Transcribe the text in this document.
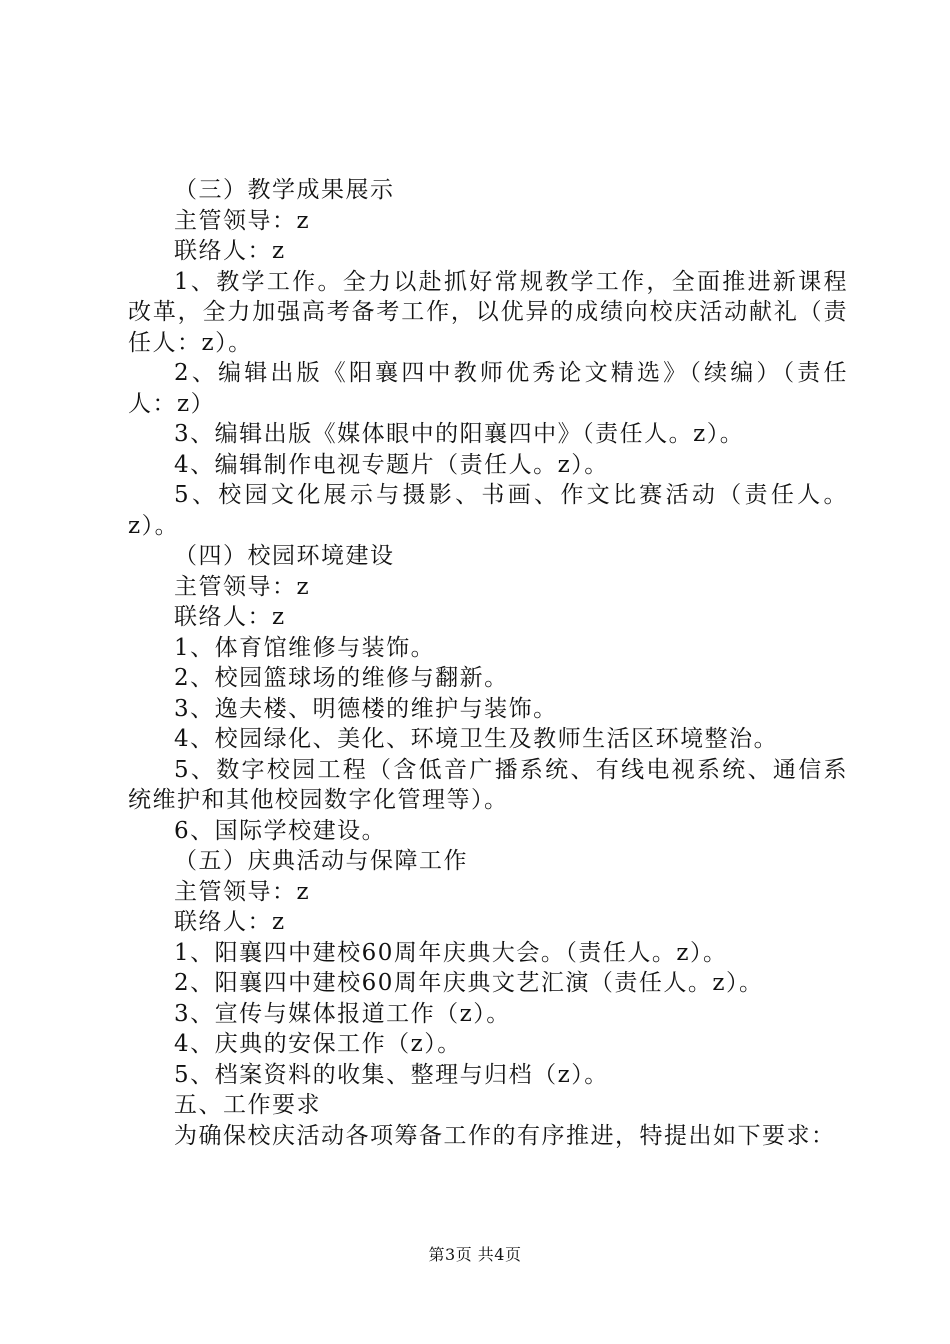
（三）教学成果展示

主管领导：z

联络人：z

1、教学工作。全力以赴抓好常规教学工作，全面推进新课程改革，全力加强高考备考工作，以优异的成绩向校庆活动献礼（责任人：z）。

2、编辑出版《阳襄四中教师优秀论文精选》（续编）（责任人：z）

3、编辑出版《媒体眼中的阳襄四中》（责任人。z）。

4、编辑制作电视专题片（责任人。z）。

5、校园文化展示与摄影、书画、作文比赛活动（责任人。z）。

（四）校园环境建设

主管领导：z

联络人：z

1、体育馆维修与装饰。

2、校园篮球场的维修与翻新。

3、逸夫楼、明德楼的维护与装饰。

4、校园绿化、美化、环境卫生及教师生活区环境整治。

5、数字校园工程（含低音广播系统、有线电视系统、通信系统维护和其他校园数字化管理等）。

6、国际学校建设。

（五）庆典活动与保障工作

主管领导：z

联络人：z

1、阳襄四中建校60周年庆典大会。（责任人。z）。

2、阳襄四中建校60周年庆典文艺汇演（责任人。z）。

3、宣传与媒体报道工作（z）。

4、庆典的安保工作（z）。

5、档案资料的收集、整理与归档（z）。

五、工作要求

为确保校庆活动各项筹备工作的有序推进，特提出如下要求：

第3页 共4页
